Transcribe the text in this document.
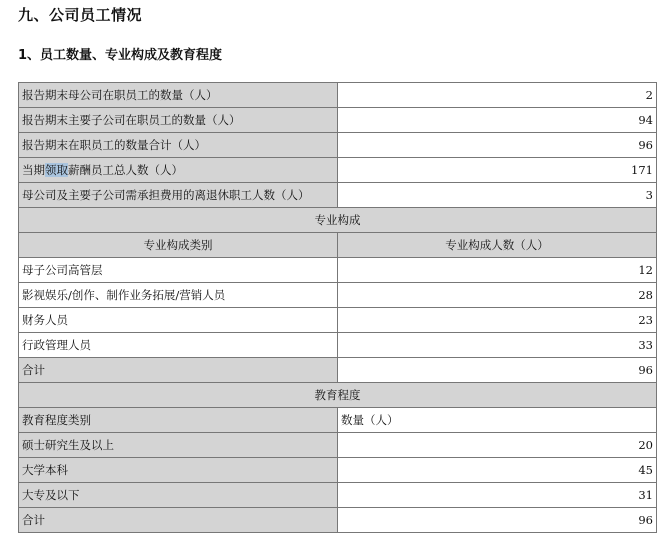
九、公司员工情况
1、员工数量、专业构成及教育程度
报告期末母公司在职员工的数量（人）	2
报告期末主要子公司在职员工的数量（人）	94
报告期末在职员工的数量合计（人）	96
当期领取薪酬员工总人数（人）	171
母公司及主要子公司需承担费用的离退休职工人数（人）	3
专业构成	
专业构成类别	专业构成人数（人）
母子公司高管层	12
影视娱乐/创作、制作业务拓展/营销人员	28
财务人员	23
行政管理人员	33
合计	96
教育程度	
教育程度类别	数量（人）
硕士研究生及以上	20
大学本科	45
大专及以下	31
合计	96
